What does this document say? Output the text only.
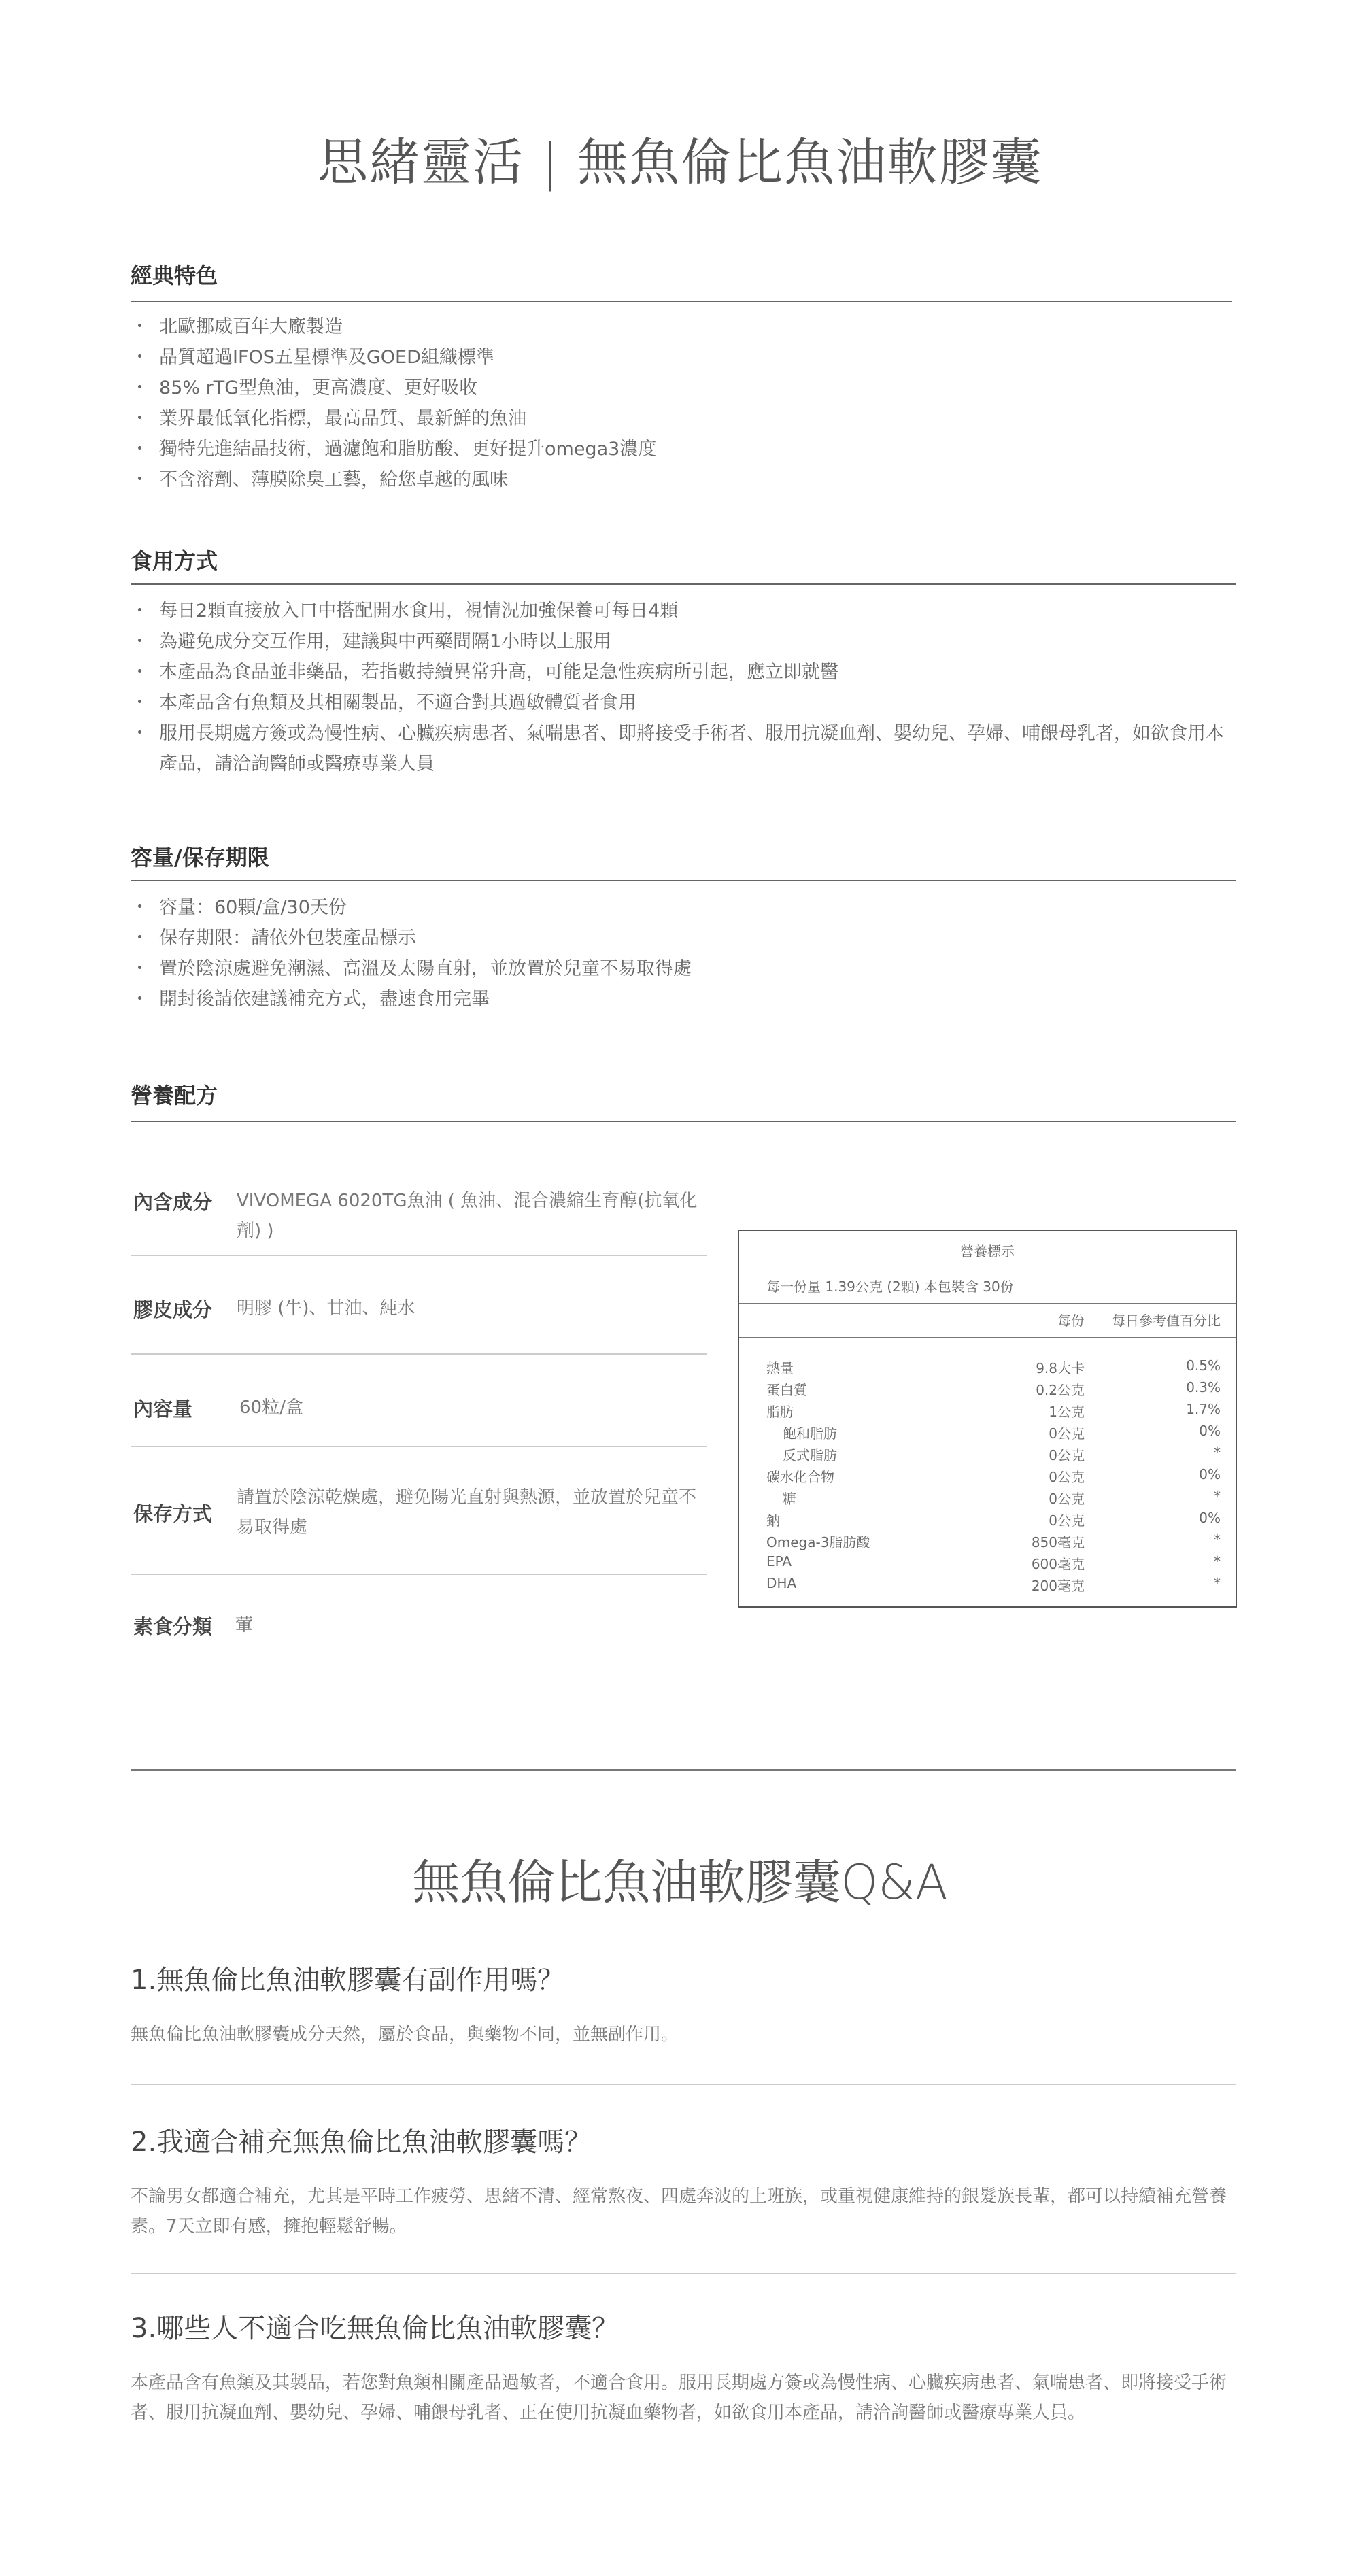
思緒靈活 | 無魚倫比魚油軟膠囊
經典特色
・ 北歐挪威百年大廠製造
・ 品質超過IFOS五星標準及GOED組織標準
・ 85% rTG型魚油，更高濃度、更好吸收
・ 業界最低氧化指標，最高品質、最新鮮的魚油
・ 獨特先進結晶技術，過濾飽和脂肪酸、更好提升omega3濃度
・ 不含溶劑、薄膜除臭工藝，給您卓越的風味
食用方式
・ 每日2顆直接放入口中搭配開水食用，視情況加強保養可每日4顆
・ 為避免成分交互作用，建議與中西藥間隔1小時以上服用
・ 本產品為食品並非藥品，若指數持續異常升高，可能是急性疾病所引起，應立即就醫
・ 本產品含有魚類及其相關製品，不適合對其過敏體質者食用
・ 服用長期處方簽或為慢性病、心臟疾病患者、氣喘患者、即將接受手術者、服用抗凝血劑、嬰幼兒、孕婦、哺餵母乳者，如欲食用本產品，請洽詢醫師或醫療專業人員
容量/保存期限
・ 容量：60顆/盒/30天份
・ 保存期限：請依外包裝產品標示
・ 置於陰涼處避免潮濕、高溫及太陽直射，並放置於兒童不易取得處
・ 開封後請依建議補充方式，盡速食用完畢
營養配方
內含成分 VIVOMEGA 6020TG魚油 ( 魚油、混合濃縮生育醇(抗氧化劑) )
膠皮成分 明膠 (牛)、甘油、純水
內容量	60粒/盒
保存方式
請置於陰涼乾燥處，避免陽光直射與熱源，並放置於兒童不易取得處
素食分類 葷
營養標示
每一份量 1.39公克 (2顆) 本包裝含 30份
每份 每日參考值百分比
熱量	9.8大卡	0.5%
蛋白質	0.2公克	0.3%
脂肪	1公克	1.7%
飽和脂肪	0公克	0%
反式脂肪	0公克	*
碳水化合物	0公克	0%
糖	0公克	*
鈉	0公克	0%
Omega-3脂肪酸	850毫克	*
EPA	600毫克	*
DHA	200毫克	*
無魚倫比魚油軟膠囊Q&A
1.無魚倫比魚油軟膠囊有副作用嗎？
無魚倫比魚油軟膠囊成分天然，屬於食品，與藥物不同，並無副作用。
2.我適合補充無魚倫比魚油軟膠囊嗎？
不論男女都適合補充，尤其是平時工作疲勞、思緒不清、經常熬夜、四處奔波的上班族，或重視健康維持的銀髮族長輩，都可以持續補充營養素。7天立即有感，擁抱輕鬆舒暢。
3.哪些人不適合吃無魚倫比魚油軟膠囊？
本產品含有魚類及其製品，若您對魚類相關產品過敏者，不適合食用。服用長期處方簽或為慢性病、心臟疾病患者、氣喘患者、即將接受手術者、服用抗凝血劑、嬰幼兒、孕婦、哺餵母乳者、正在使用抗凝血藥物者，如欲食用本產品，請洽詢醫師或醫療專業人員。
